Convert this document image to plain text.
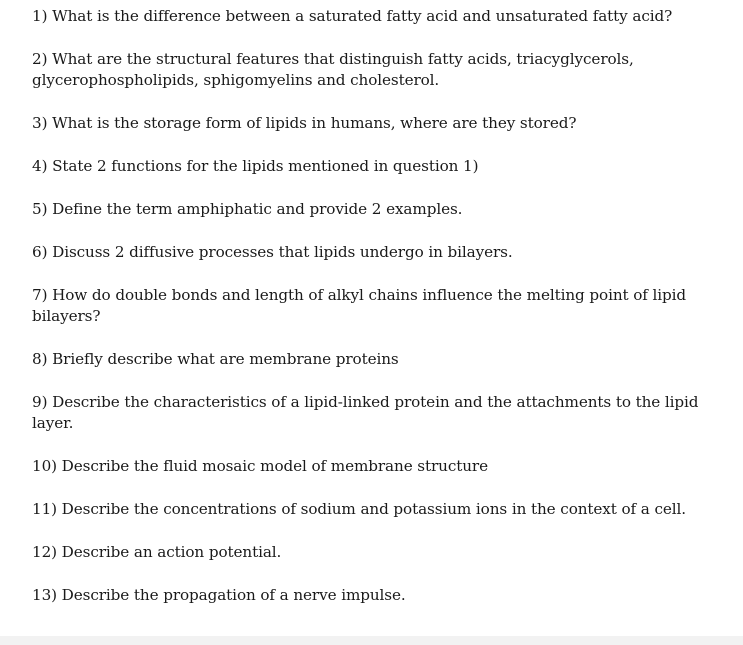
1) What is the difference between a saturated fatty acid and unsaturated fatty acid?

2) What are the structural features that distinguish fatty acids, triacyglycerols, glycerophospholipids, sphigomyelins and cholesterol.

3) What is the storage form of lipids in humans, where are they stored?

4) State 2 functions for the lipids mentioned in question 1)

5) Define the term amphiphatic and provide 2 examples.

6) Discuss 2 diffusive processes that lipids undergo in bilayers.

7) How do double bonds and length of alkyl chains influence the melting point of lipid bilayers?

8) Briefly describe what are membrane proteins

9) Describe the characteristics of a lipid-linked protein and the attachments to the lipid layer.

10) Describe the fluid mosaic model of membrane structure

11) Describe the concentrations of sodium and potassium ions in the context of a cell.

12) Describe an action potential.

13) Describe the propagation of a nerve impulse.
